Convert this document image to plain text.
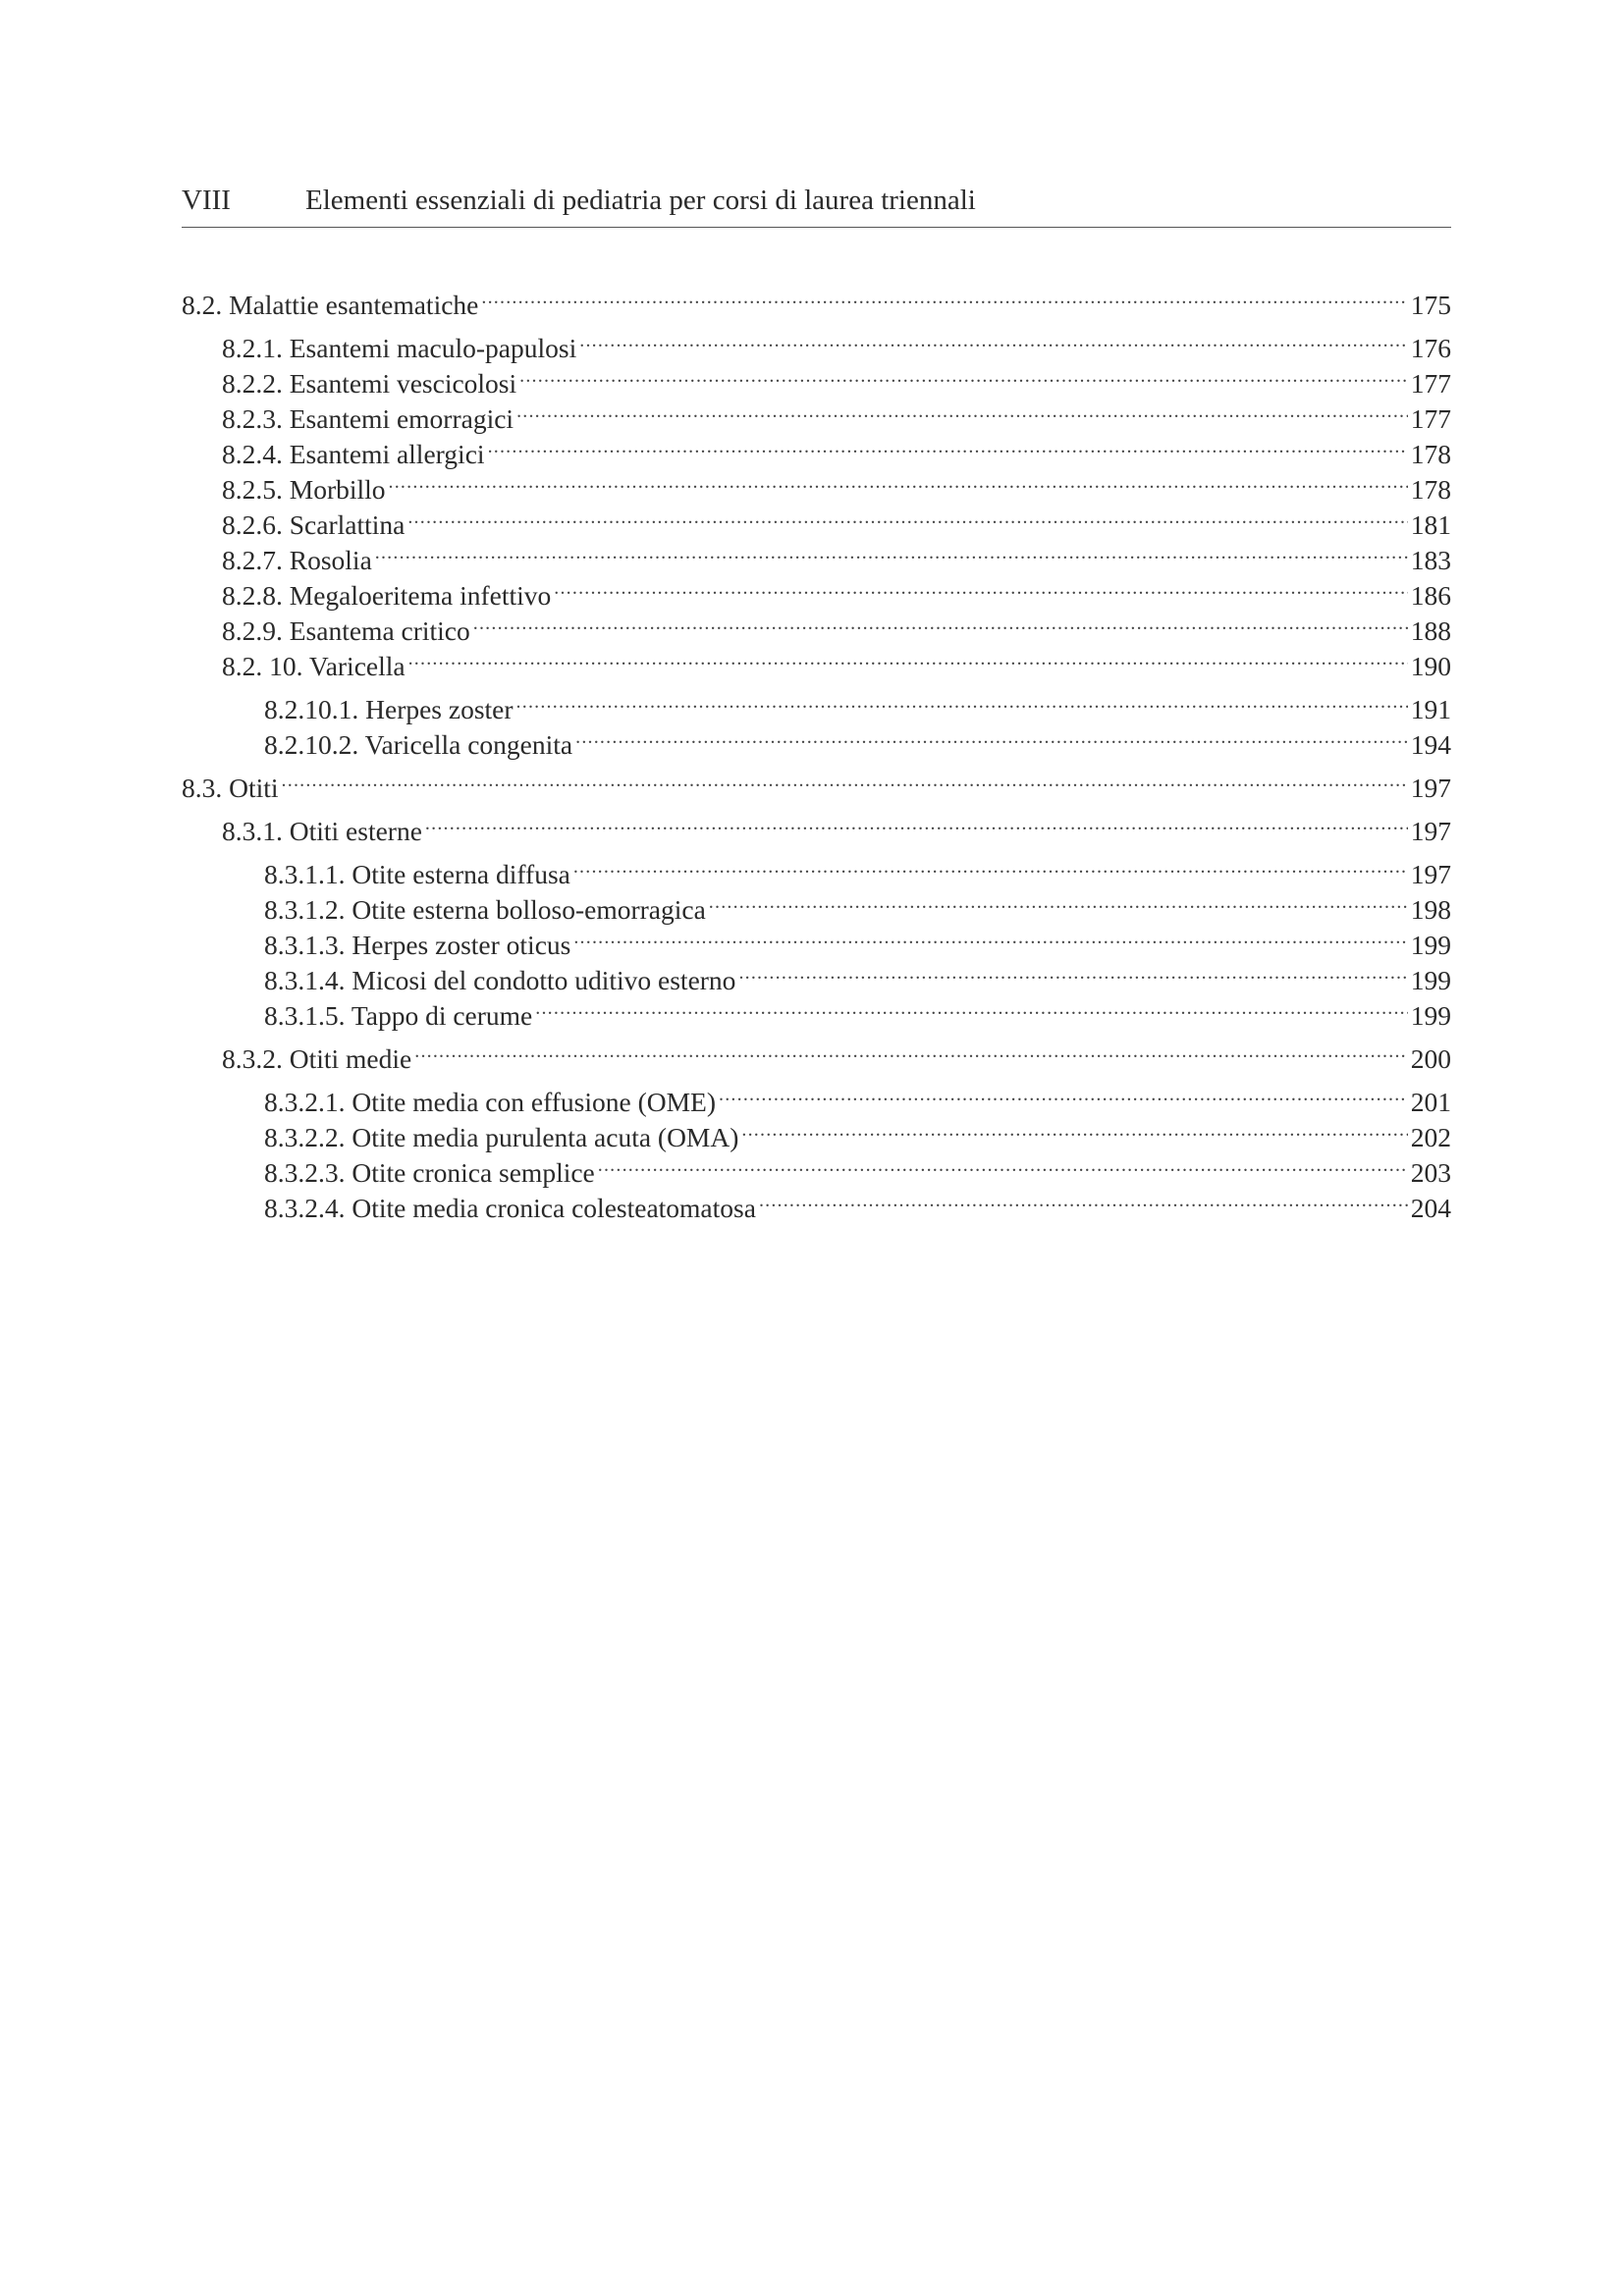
VIII	Elementi essenziali di pediatria per corsi di laurea triennali
8.2. Malattie esantematiche .....	175
8.2.1. Esantemi maculo-papulosi .....	176
8.2.2. Esantemi vescicolosi .....	177
8.2.3. Esantemi emorragici .....	177
8.2.4. Esantemi allergici .....	178
8.2.5. Morbillo .....	178
8.2.6. Scarlattina .....	181
8.2.7. Rosolia .....	183
8.2.8. Megaloeritema infettivo .....	186
8.2.9. Esantema critico .....	188
8.2. 10. Varicella .....	190
8.2.10.1. Herpes zoster .....	191
8.2.10.2. Varicella congenita .....	194
8.3. Otiti .....	197
8.3.1. Otiti esterne .....	197
8.3.1.1. Otite esterna diffusa .....	197
8.3.1.2. Otite esterna bolloso-emorragica .....	198
8.3.1.3. Herpes zoster oticus .....	199
8.3.1.4. Micosi del condotto uditivo esterno .....	199
8.3.1.5. Tappo di cerume .....	199
8.3.2. Otiti medie .....	200
8.3.2.1. Otite media con effusione (OME) .....	201
8.3.2.2. Otite media purulenta acuta (OMA) .....	202
8.3.2.3. Otite cronica semplice .....	203
8.3.2.4. Otite media cronica colesteatomatosa .....	204
